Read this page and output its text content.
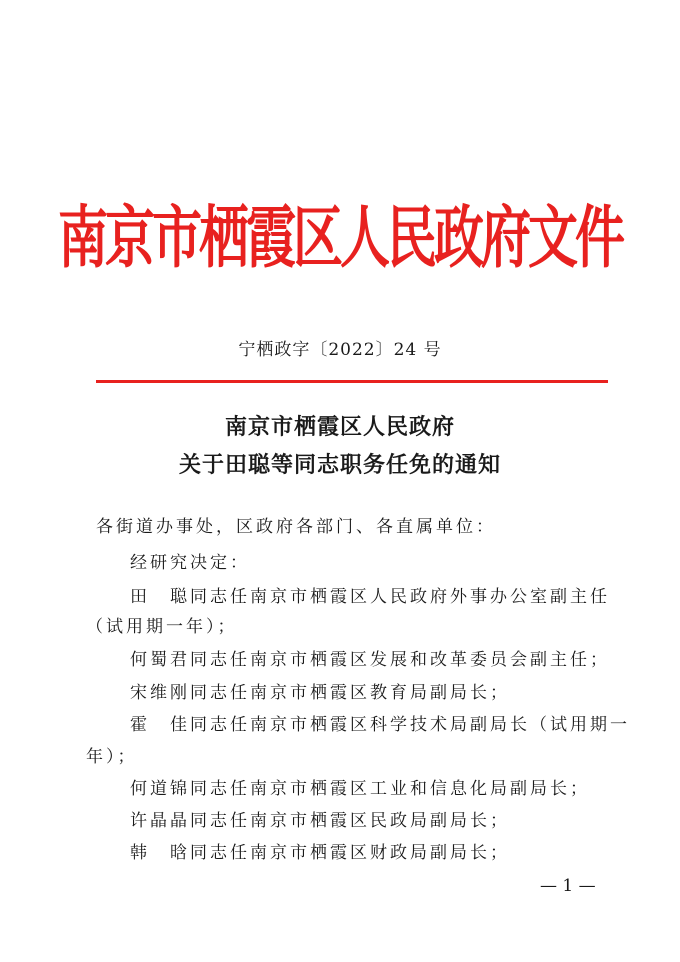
南京市栖霞区人民政府文件
宁栖政字〔2022〕24 号
南京市栖霞区人民政府
关于田聪等同志职务任免的通知
各街道办事处，区政府各部门、各直属单位：
经研究决定：
田　聪同志任南京市栖霞区人民政府外事办公室副主任
（试用期一年）；
何蜀君同志任南京市栖霞区发展和改革委员会副主任；
宋维刚同志任南京市栖霞区教育局副局长；
霍　佳同志任南京市栖霞区科学技术局副局长（试用期一
年）；
何道锦同志任南京市栖霞区工业和信息化局副局长；
许晶晶同志任南京市栖霞区民政局副局长；
韩　晗同志任南京市栖霞区财政局副局长；
— 1 —
